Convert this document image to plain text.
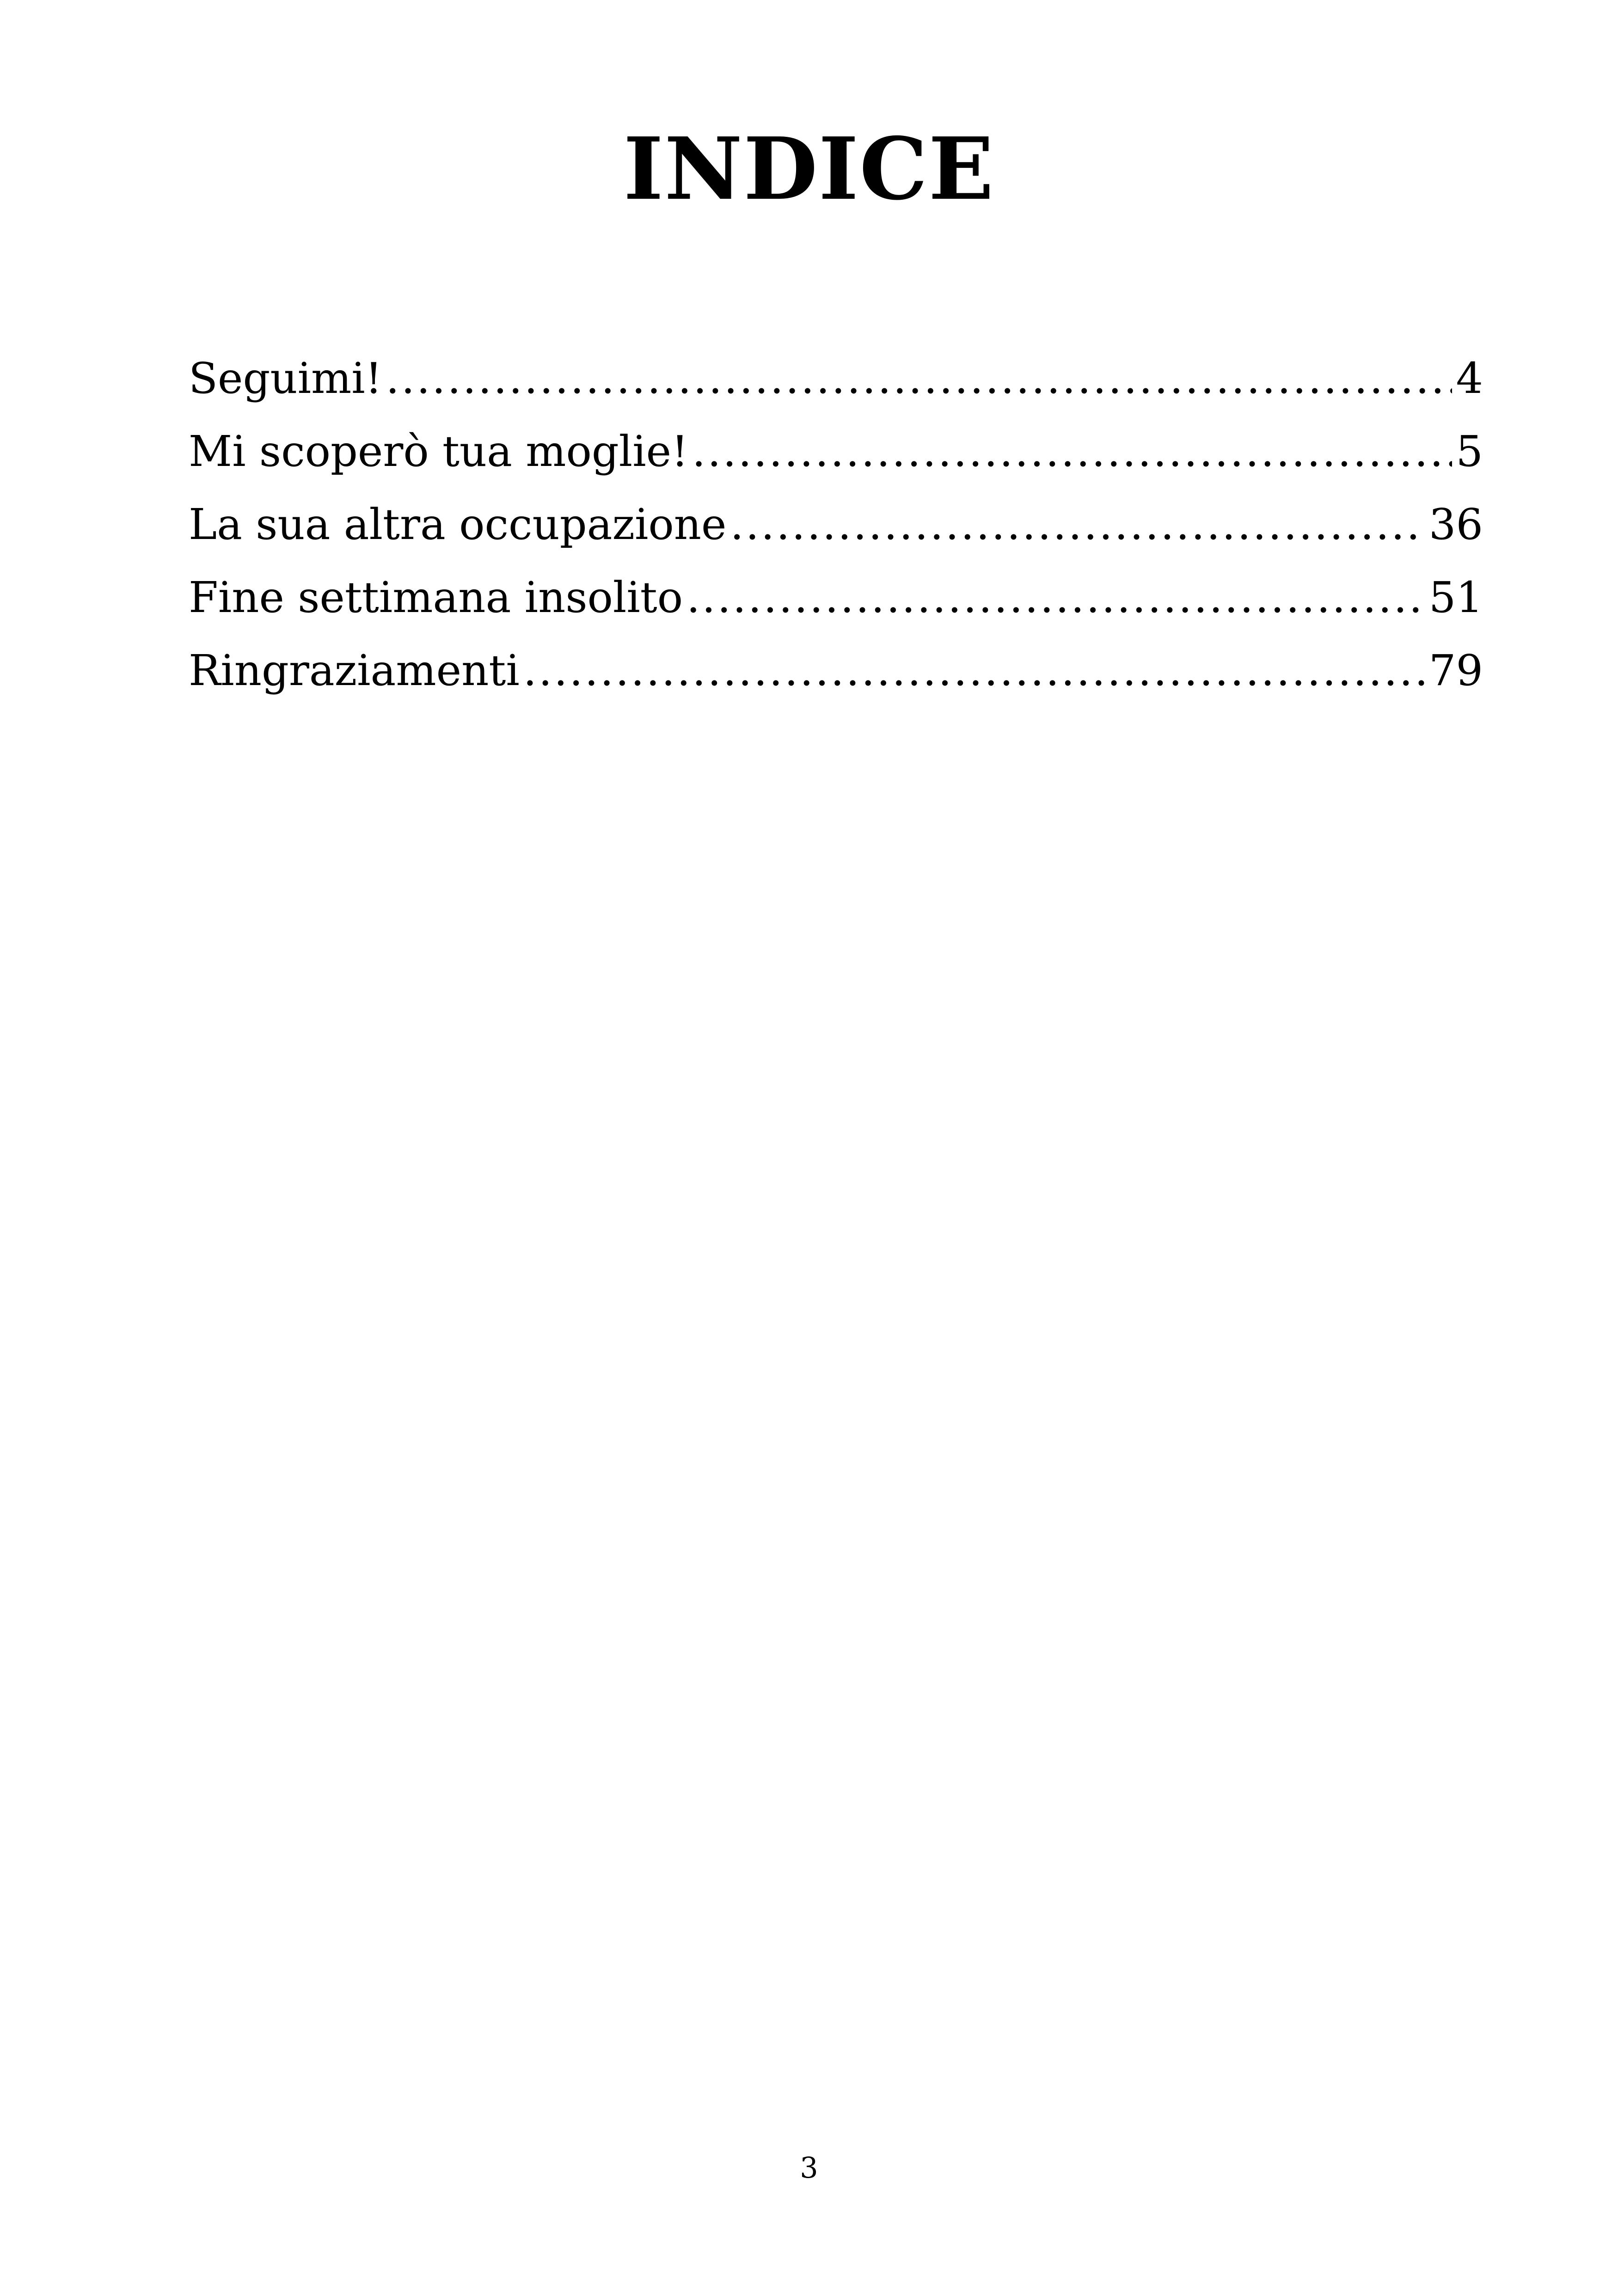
INDICE
Seguimi! .....	4
Mi scoperò tua moglie! .....	5
La sua altra occupazione .....	36
Fine settimana insolito .....	51
Ringraziamenti .....	79
3
